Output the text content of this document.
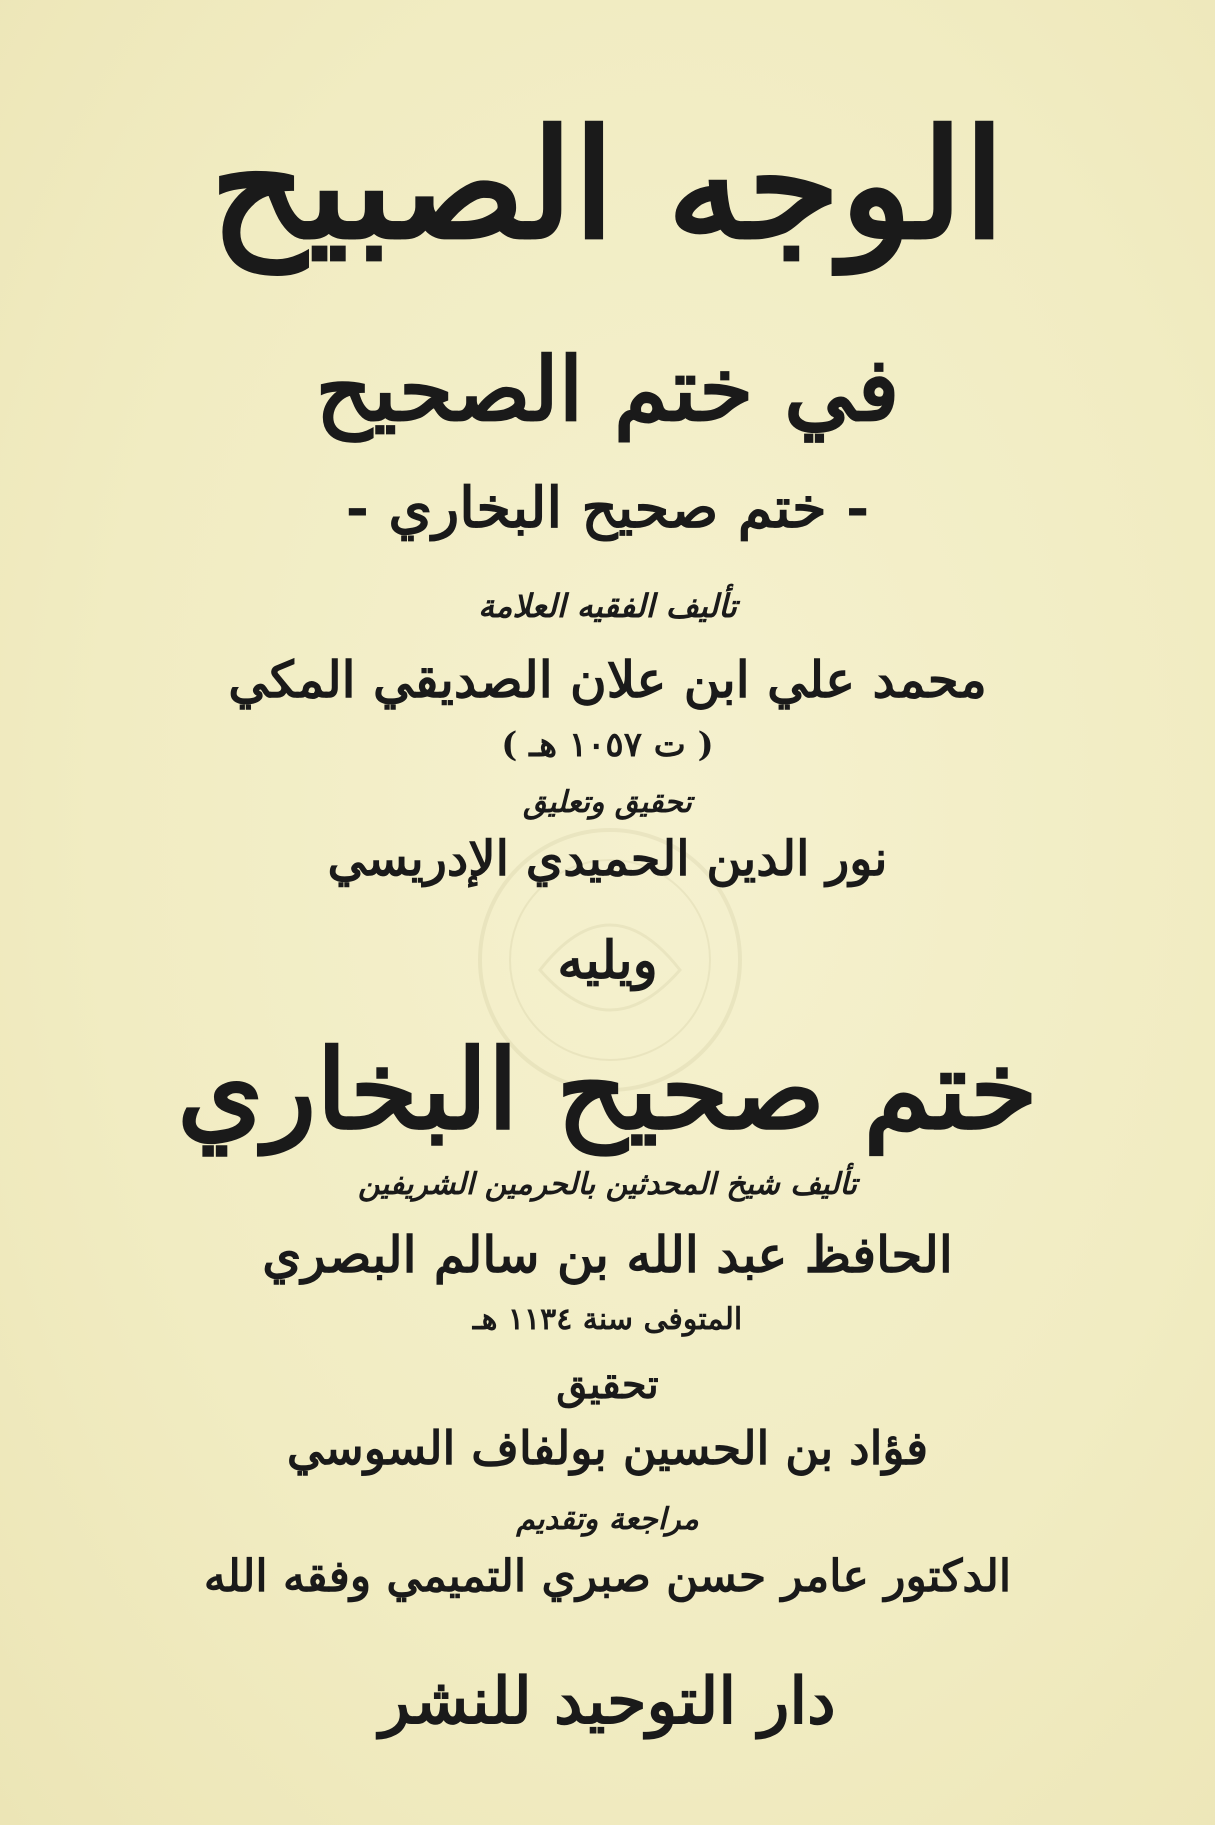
الوجه الصبيح
في ختم الصحيح
- ختم صحيح البخاري -
تأليف الفقيه العلامة
محمد علي ابن علان الصديقي المكي
( ت ١٠٥٧ هـ )
تحقيق وتعليق
نور الدين الحميدي الإدريسي
ويليه
ختم صحيح البخاري
تأليف شيخ المحدثين بالحرمين الشريفين
الحافظ عبد الله بن سالم البصري
المتوفى سنة ١١٣٤ هـ
تحقيق
فؤاد بن الحسين بولفاف السوسي
مراجعة وتقديم
الدكتور عامر حسن صبري التميمي وفقه الله
دار التوحيد للنشر
